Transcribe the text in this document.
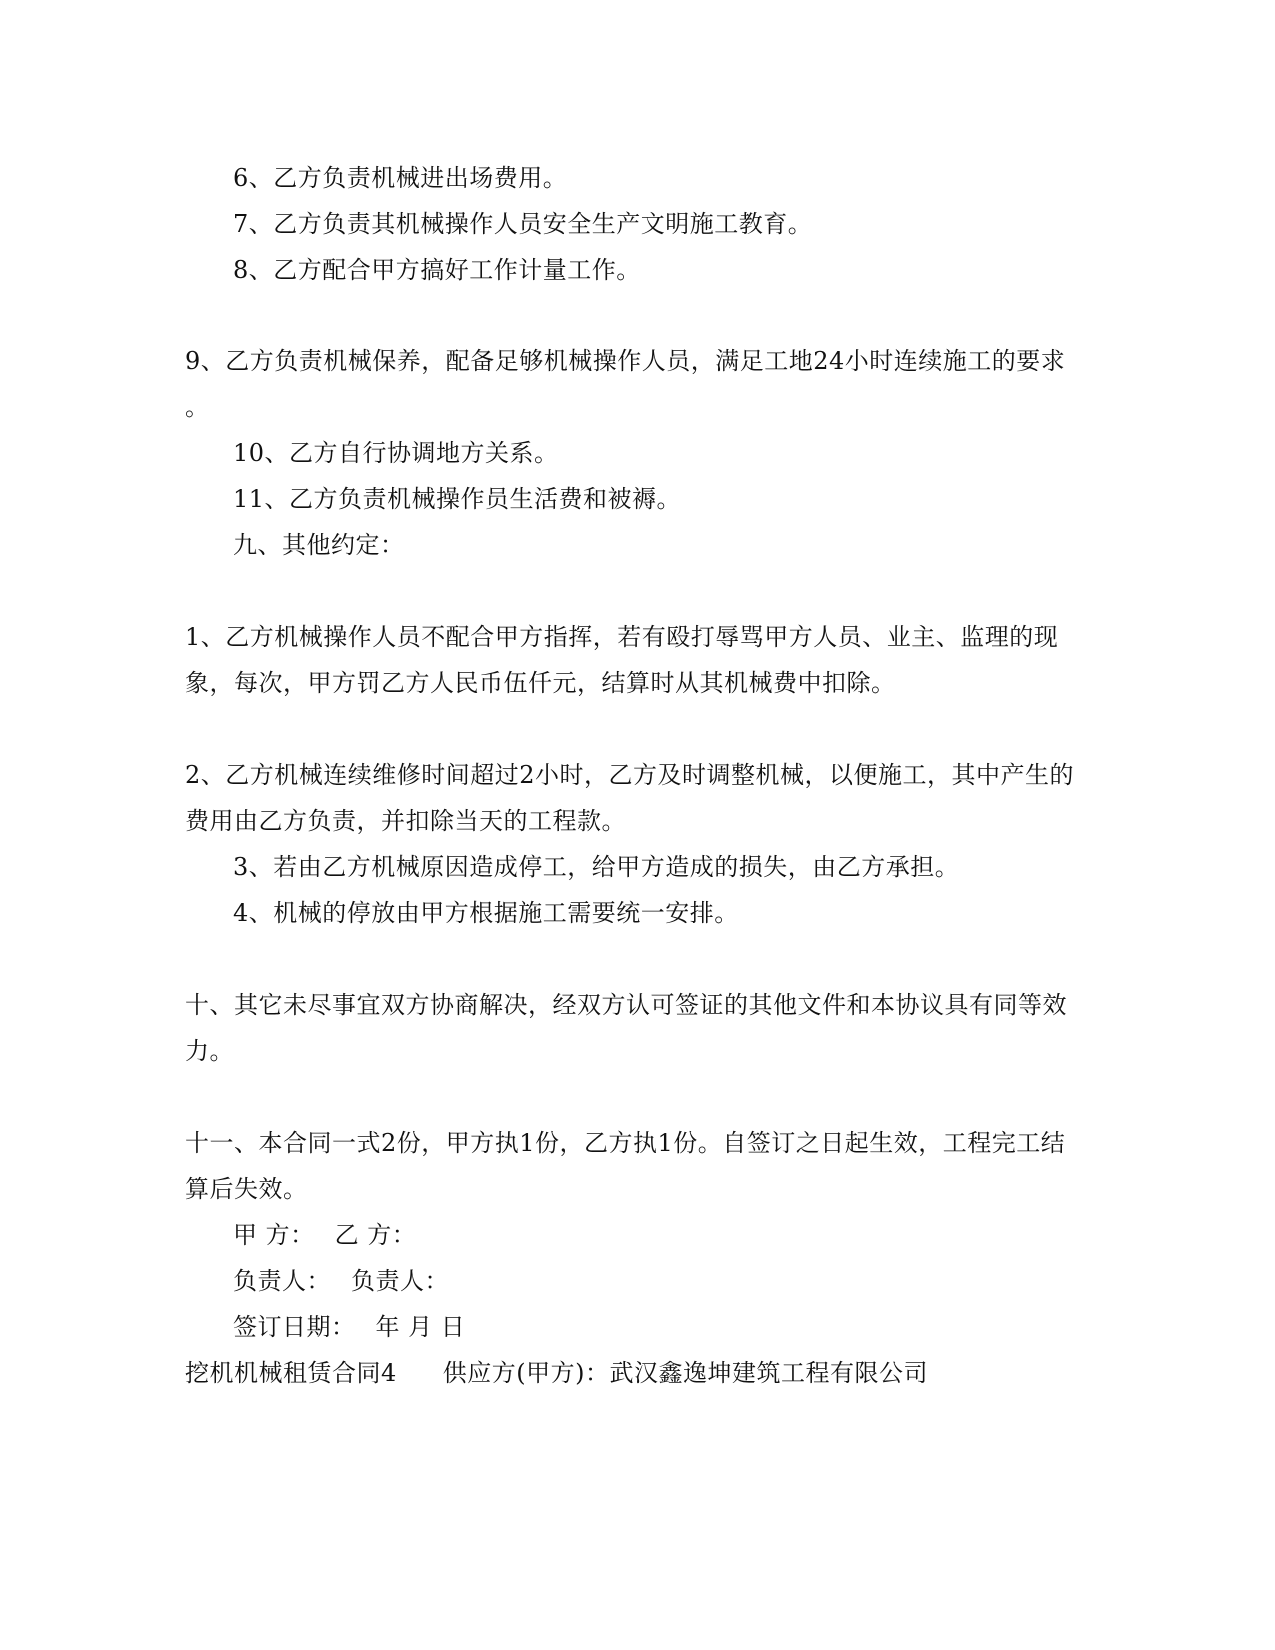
6、乙方负责机械进出场费用。
7、乙方负责其机械操作人员安全生产文明施工教育。
8、乙方配合甲方搞好工作计量工作。
9、乙方负责机械保养，配备足够机械操作人员，满足工地24小时连续施工的要求
。
10、乙方自行协调地方关系。
11、乙方负责机械操作员生活费和被褥。
九、其他约定：
1、乙方机械操作人员不配合甲方指挥，若有殴打辱骂甲方人员、业主、监理的现
象，每次，甲方罚乙方人民币伍仟元，结算时从其机械费中扣除。
2、乙方机械连续维修时间超过2小时，乙方及时调整机械，以便施工，其中产生的
费用由乙方负责，并扣除当天的工程款。
3、若由乙方机械原因造成停工，给甲方造成的损失，由乙方承担。
4、机械的停放由甲方根据施工需要统一安排。
十、其它未尽事宜双方协商解决，经双方认可签证的其他文件和本协议具有同等效
力。
十一、本合同一式2份，甲方执1份，乙方执1份。自签订之日起生效，工程完工结
算后失效。
甲 方： 乙 方：
负责人： 负责人：
签订日期： 年 月 日
挖机机械租赁合同4 供应方(甲方)：武汉鑫逸坤建筑工程有限公司
